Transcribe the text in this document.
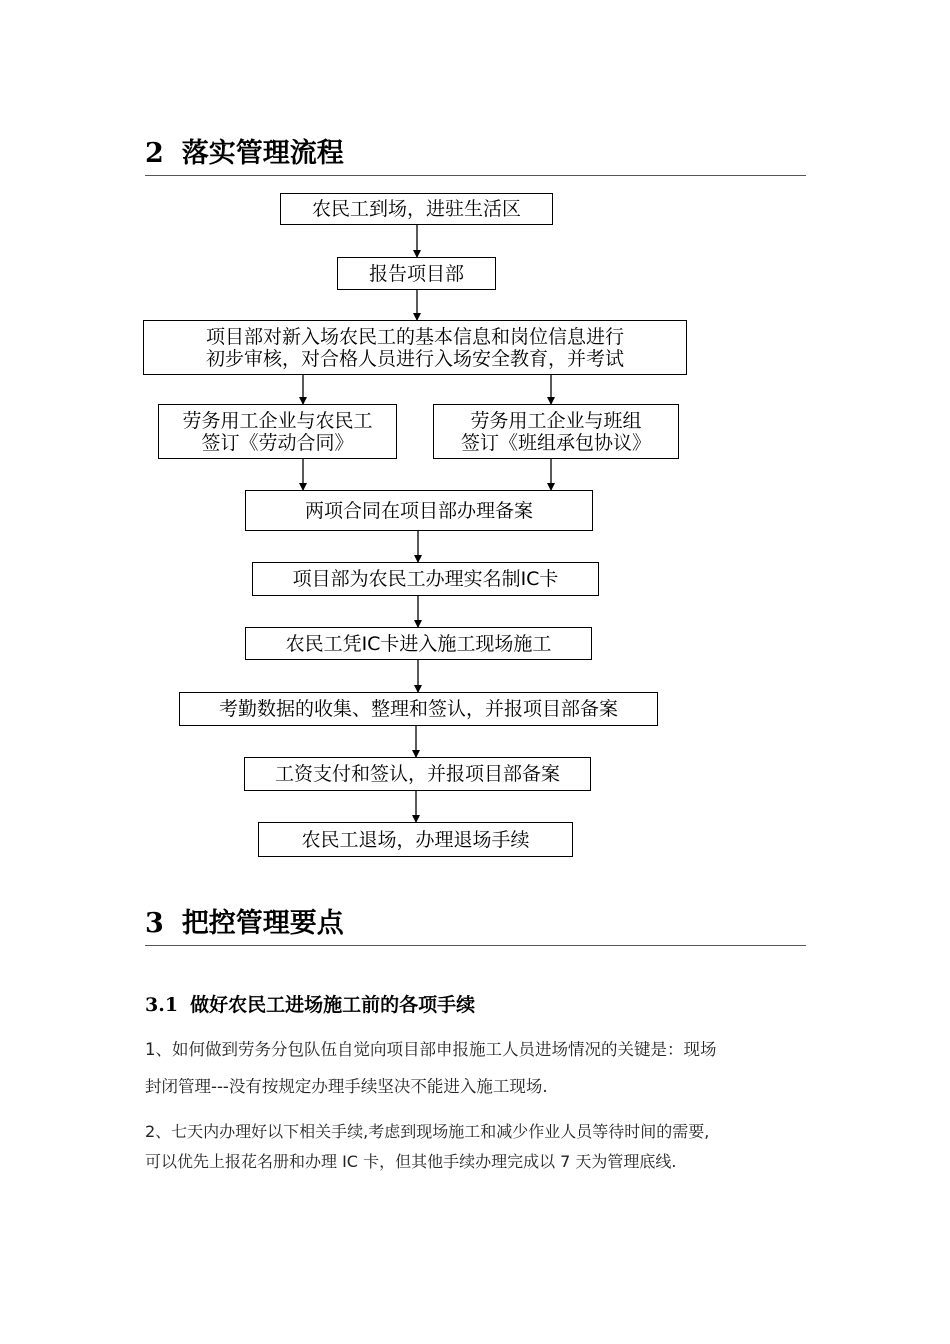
2 落实管理流程
农民工到场，进驻生活区
报告项目部
项目部对新入场农民工的基本信息和岗位信息进行
初步审核，对合格人员进行入场安全教育，并考试
劳务用工企业与农民工
签订《劳动合同》
劳务用工企业与班组
签订《班组承包协议》
两项合同在项目部办理备案
项目部为农民工办理实名制IC卡
农民工凭IC卡进入施工现场施工
考勤数据的收集、整理和签认，并报项目部备案
工资支付和签认，并报项目部备案
农民工退场，办理退场手续
3 把控管理要点
3.1 做好农民工进场施工前的各项手续
1、如何做到劳务分包队伍自觉向项目部申报施工人员进场情况的关键是：现场
封闭管理---没有按规定办理手续坚决不能进入施工现场.
2、七天内办理好以下相关手续,考虑到现场施工和减少作业人员等待时间的需要,
可以优先上报花名册和办理 IC 卡，但其他手续办理完成以 7 天为管理底线.
